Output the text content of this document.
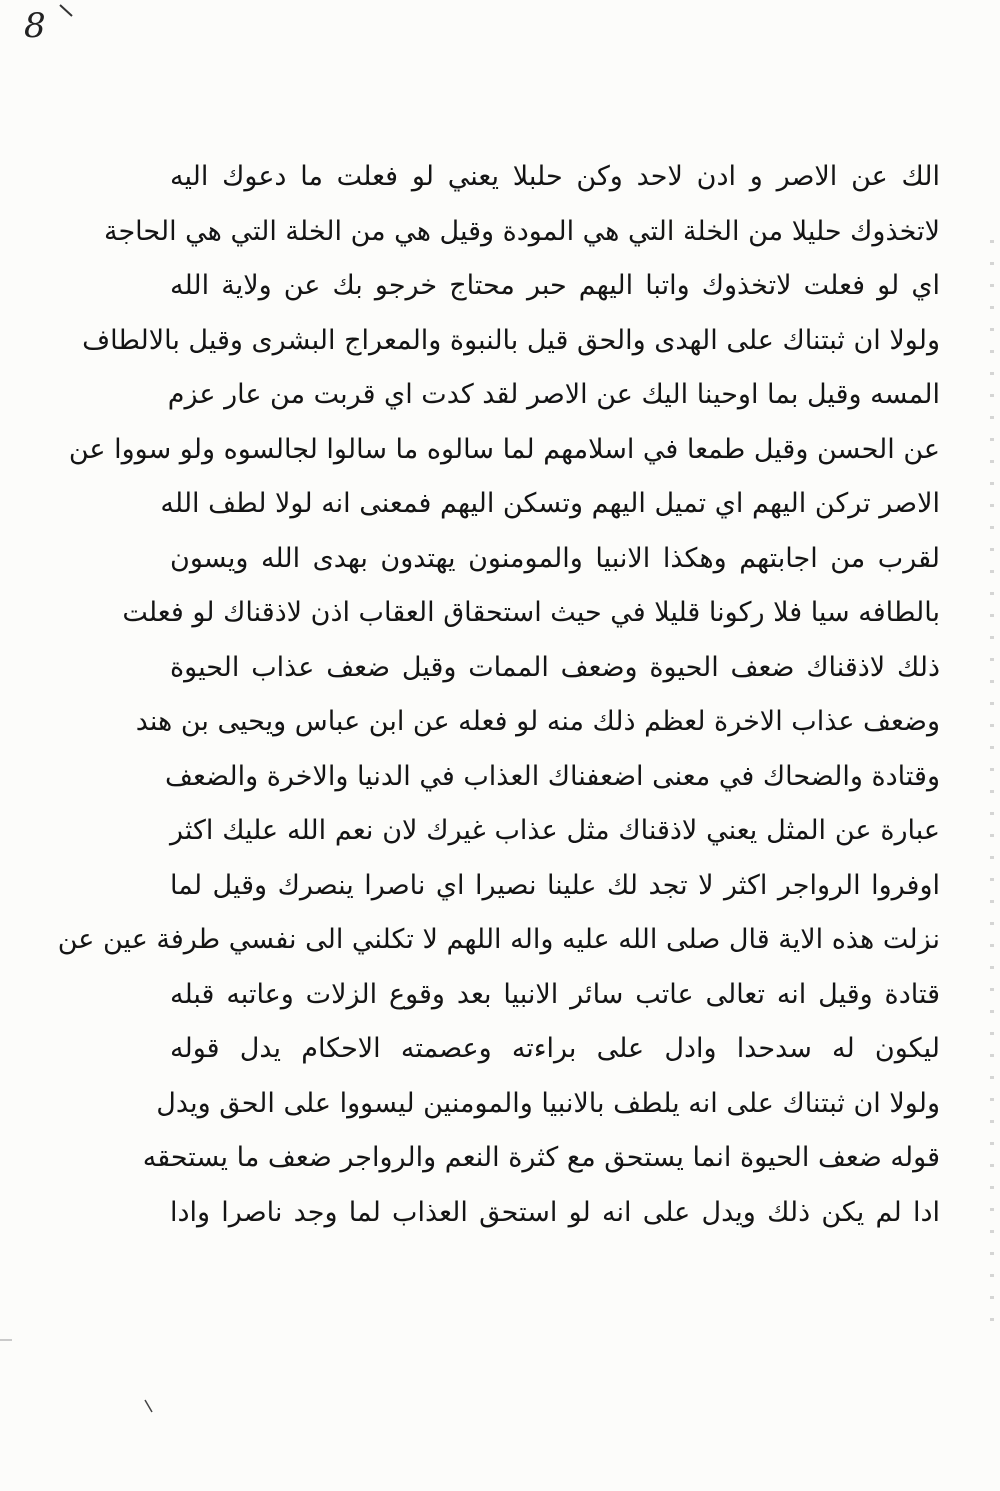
8
الك عن الاصر و ادن لاحد وكن حلبلا يعني لو فعلت ما دعوك اليه
لاتخذوك حليلا من الخلة التي هي المودة وقيل هي من الخلة التي هي الحاجة
اي لو فعلت لاتخذوك واتبا اليهم حبر محتاج خرجو بك عن ولاية الله
ولولا ان ثبتناك على الهدى والحق قيل بالنبوة والمعراج البشرى وقيل بالالطاف
المسه وقيل بما اوحينا اليك عن الاصر لقد كدت اي قربت من عار عزم
عن الحسن وقيل طمعا في اسلامهم لما سالوه ما سالوا لجالسوه ولو سووا عن
الاصر تركن اليهم اي تميل اليهم وتسكن اليهم فمعنى انه لولا لطف الله
لقرب من اجابتهم وهكذا الانبيا والمومنون يهتدون بهدى الله ويسون
بالطافه سيا فلا ركونا قليلا في حيث استحقاق العقاب اذن لاذقناك لو فعلت
ذلك لاذقناك ضعف الحيوة وضعف الممات وقيل ضعف عذاب الحيوة
وضعف عذاب الاخرة لعظم ذلك منه لو فعله عن ابن عباس ويحيى بن هند
وقتادة والضحاك في معنى اضعفناك العذاب في الدنيا والاخرة والضعف
عبارة عن المثل يعني لاذقناك مثل عذاب غيرك لان نعم الله عليك اكثر
اوفروا الرواجر اكثر لا تجد لك علينا نصيرا اي ناصرا ينصرك وقيل لما
نزلت هذه الاية قال صلى الله عليه واله اللهم لا تكلني الى نفسي طرفة عين عن
قتادة وقيل انه تعالى عاتب سائر الانبيا بعد وقوع الزلات وعاتبه قبله
ليكون له سدحدا وادل على براءته وعصمته الاحكام يدل قوله
ولولا ان ثبتناك على انه يلطف بالانبيا والمومنين ليسووا على الحق ويدل
قوله ضعف الحيوة انما يستحق مع كثرة النعم والرواجر ضعف ما يستحقه
ادا لم يكن ذلك ويدل على انه لو استحق العذاب لما وجد ناصرا وادا
